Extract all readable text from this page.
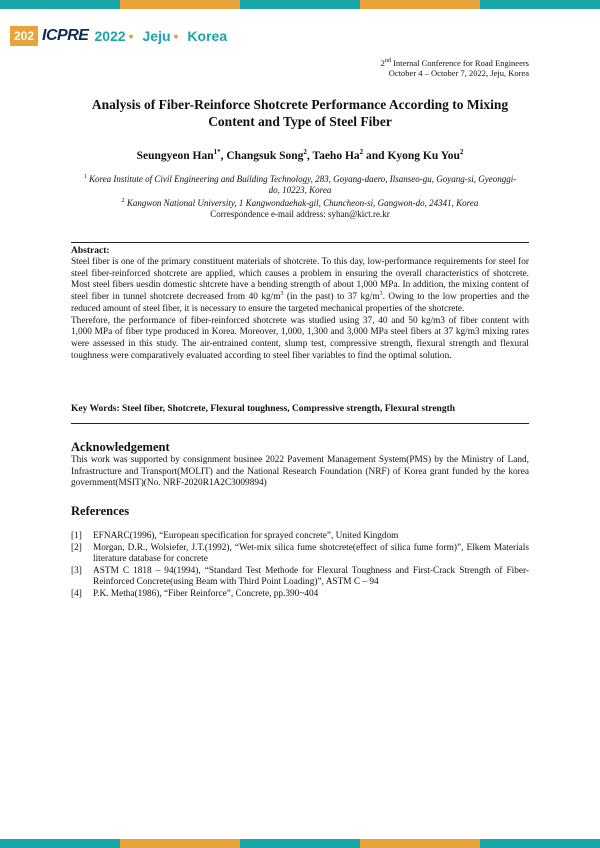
202 ICPRE 2022 • Jeju • Korea
2nd Internal Conference for Road Engineers
October 4 – October 7, 2022, Jeju, Korea
Analysis of Fiber-Reinforce Shotcrete Performance According to Mixing Content and Type of Steel Fiber
Seungyeon Han$^{1*}$, Changsuk Song$^2$, Taeho Ha$^2$ and Kyong Ku You$^2$
$^1$ Korea Institute of Civil Engineering and Building Technology, 283, Goyang-daero, Ilsanseo-gu, Goyang-si, Gyeonggi-do, 10223, Korea
$^2$ Kangwon National University, 1 Kangwondaehak-gil, Chuncheon-si, Gangwon-do, 24341, Korea
Correspondence e-mail address: syhan@kict.re.kr
Abstract:

Steel fiber is one of the primary constituent materials of shotcrete. To this day, low-performance requirements for steel for steel fiber-reinforced shotcrete are applied, which causes a problem in ensuring the overall characteristics of shotcrete. Most steel fibers uesdin domestic shtcrete have a bending strength of about 1,000 MPa. In addition, the mixing content of steel fiber in tunnel shotcrete decreased from 40 $kg/m^3$ (in the past) to 37 $kg/m^3$. Owing to the low properties and the reduced amount of steel fiber, it is necessary to ensure the targeted mechanical properties of the shotcrete.

Therefore, the performance of fiber-reinforced shotcrete was studied using 37, 40 and 50 kg/m3 of fiber content with 1,000 MPa of fiber type produced in Korea. Moreover, 1,000, 1,300 and 3,000 MPa steel fibers at 37 kg/m3 mixing rates were assessed in this study. The air-entrained content, slump test, compressive strength, flexural strength and flexural toughness were comparatively evaluated according to steel fiber variables to find the optimal solution.

Key Words: Steel fiber, Shotcrete, Flexural toughness, Compressive strength, Flexural strength
Acknowledgement
This work was supported by consignment businee 2022 Pavement Management System(PMS) by the Ministry of Land, Infrastructure and Transport(MOLIT) and the National Research Foundation (NRF) of Korea grant funded by the korea government(MSIT)(No. NRF-2020R1A2C3009894)
References
[1]	EFNARC(1996), “European specification for sprayed concrete”, United Kingdom
[2]	Morgan, D.R., Wolsiefer, J.T.(1992), “Wet-mix silica fume shotcrete(effect of silica fume form)”, Elkem Materials literature database for concrete
[3]	ASTM C 1818 – 94(1994), “Standard Test Methode for Flexural Toughness and First-Crack Strength of Fiber-Reinforced Concrete(using Beam with Third Point Loading)”, ASTM C – 94
[4]	P.K. Metha(1986), “Fiber Reinforce”, Concrete, pp.390~404
